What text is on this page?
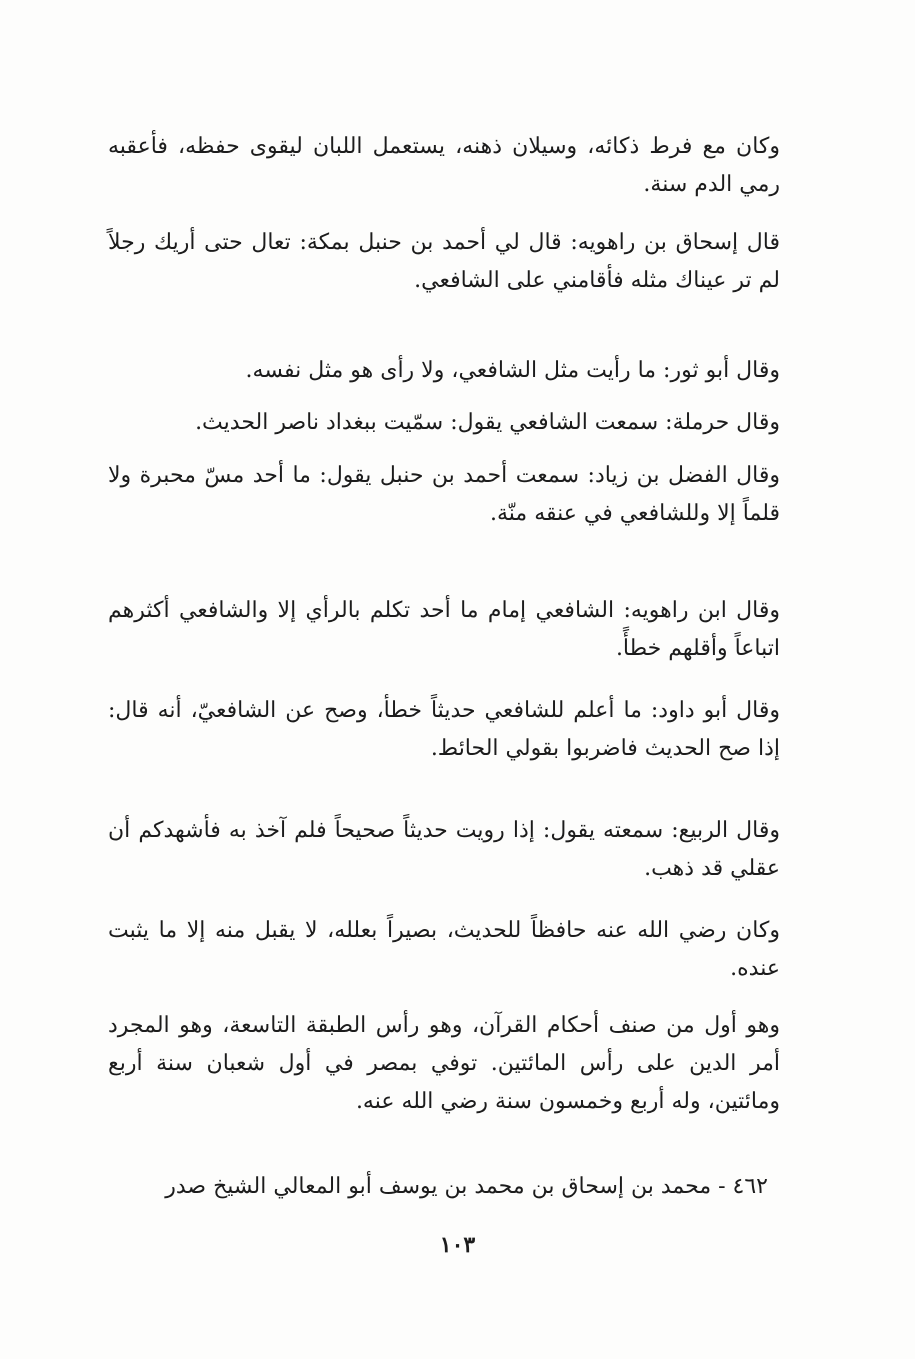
وكان مع فرط ذكائه، وسيلان ذهنه، يستعمل اللبان ليقوى حفظه، فأعقبه رمي الدم سنة.

قال إسحاق بن راهويه: قال لي أحمد بن حنبل بمكة: تعال حتى أريك رجلاً لم تر عيناك مثله فأقامني على الشافعي.

وقال أبو ثور: ما رأيت مثل الشافعي، ولا رأى هو مثل نفسه.

وقال حرملة: سمعت الشافعي يقول: سمّيت ببغداد ناصر الحديث.

وقال الفضل بن زياد: سمعت أحمد بن حنبل يقول: ما أحد مسّ محبرة ولا قلماً إلا وللشافعي في عنقه منّة.

وقال ابن راهويه: الشافعي إمام ما أحد تكلم بالرأي إلا والشافعي أكثرهم اتباعاً وأقلهم خطأً.

وقال أبو داود: ما أعلم للشافعي حديثاً خطأ، وصح عن الشافعيّ، أنه قال: إذا صح الحديث فاضربوا بقولي الحائط.

وقال الربيع: سمعته يقول: إذا رويت حديثاً صحيحاً فلم آخذ به فأشهدكم أن عقلي قد ذهب.

وكان رضي الله عنه حافظاً للحديث، بصيراً بعلله، لا يقبل منه إلا ما يثبت عنده.

وهو أول من صنف أحكام القرآن، وهو رأس الطبقة التاسعة، وهو المجرد أمر الدين على رأس المائتين. توفي بمصر في أول شعبان سنة أربع ومائتين، وله أربع وخمسون سنة رضي الله عنه.

٤٦٢ - محمد بن إسحاق بن محمد بن يوسف أبو المعالي الشيخ صدر

١٠٣
